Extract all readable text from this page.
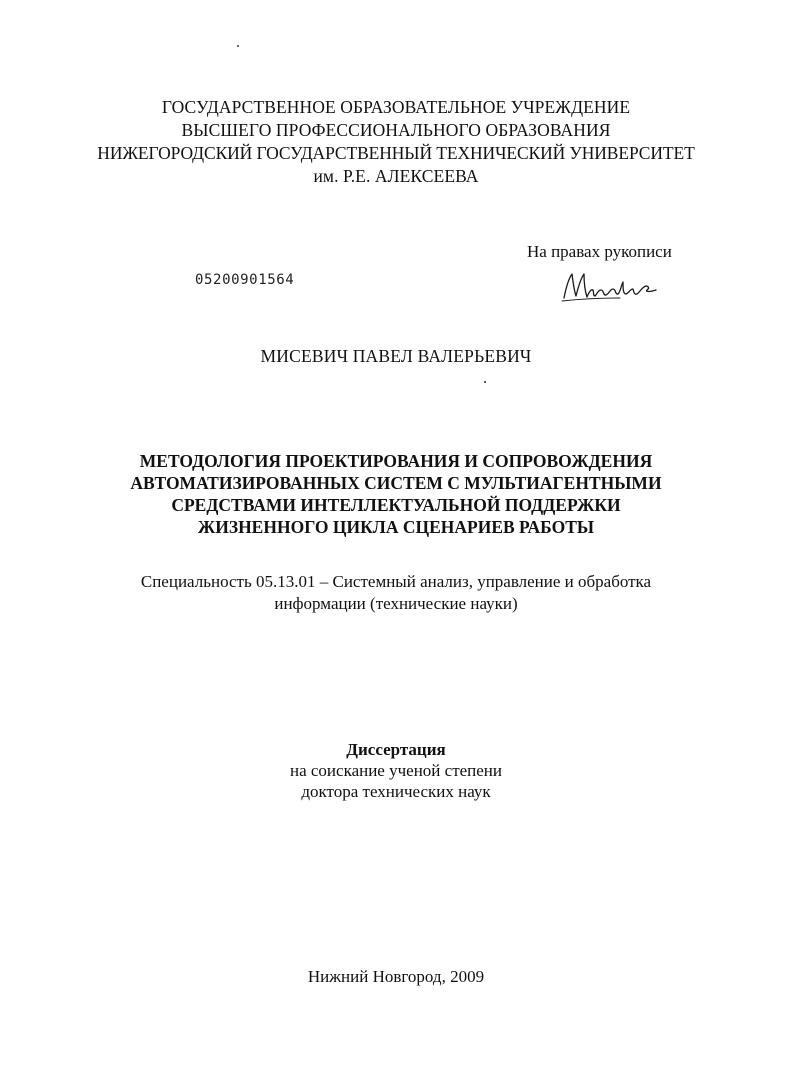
ГОСУДАРСТВЕННОЕ ОБРАЗОВАТЕЛЬНОЕ УЧРЕЖДЕНИЕ
ВЫСШЕГО ПРОФЕССИОНАЛЬНОГО ОБРАЗОВАНИЯ
НИЖЕГОРОДСКИЙ ГОСУДАРСТВЕННЫЙ ТЕХНИЧЕСКИЙ УНИВЕРСИТЕТ
им. Р.Е. АЛЕКСЕЕВА
На правах рукописи
05200901564
МИСЕВИЧ ПАВЕЛ ВАЛЕРЬЕВИЧ
МЕТОДОЛОГИЯ ПРОЕКТИРОВАНИЯ И СОПРОВОЖДЕНИЯ
АВТОМАТИЗИРОВАННЫХ СИСТЕМ С МУЛЬТИАГЕНТНЫМИ
СРЕДСТВАМИ ИНТЕЛЛЕКТУАЛЬНОЙ ПОДДЕРЖКИ
ЖИЗНЕННОГО ЦИКЛА СЦЕНАРИЕВ РАБОТЫ
Специальность 05.13.01 – Системный анализ, управление и обработка
информации (технические науки)
Диссертация
на соискание ученой степени
доктора технических наук
Нижний Новгород, 2009
